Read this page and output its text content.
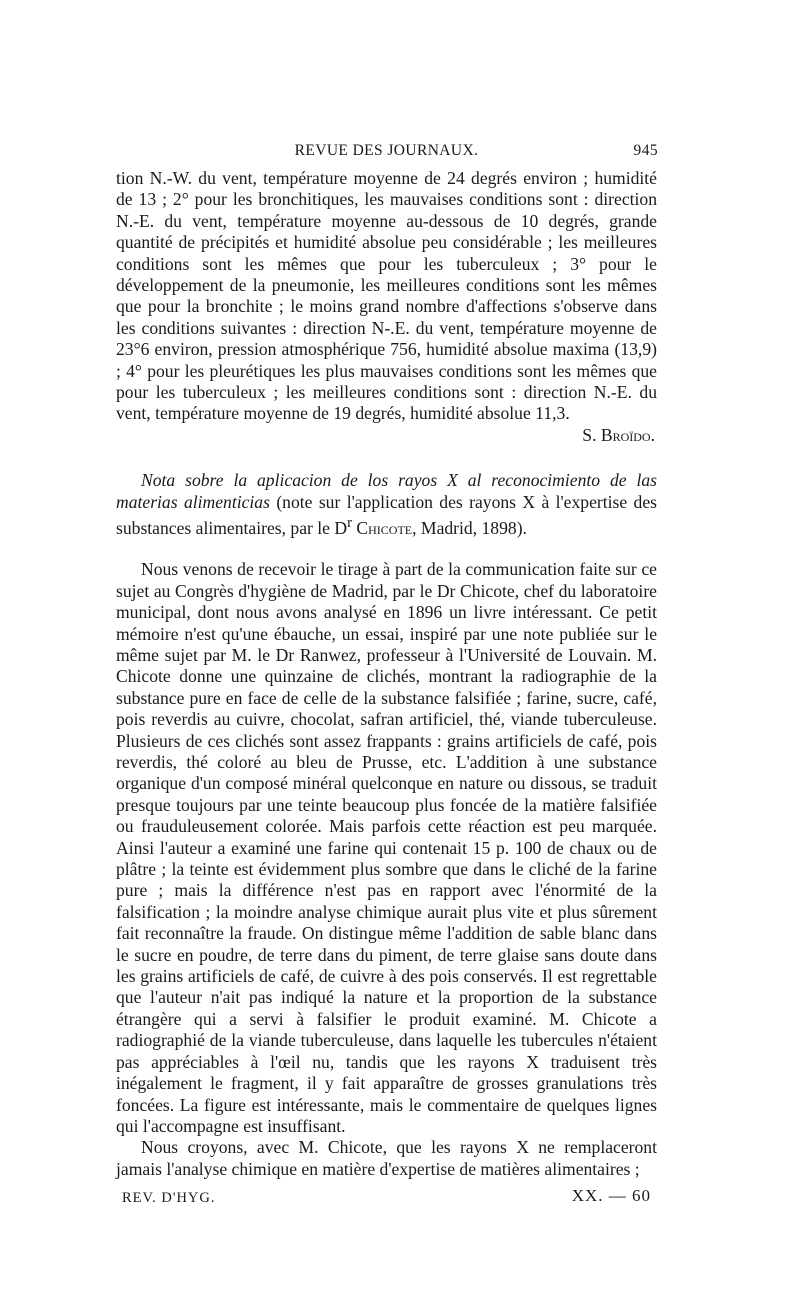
REVUE DES JOURNAUX.	945

tion N.-W. du vent, température moyenne de 24 degrés environ ; humidité de 13 ; 2° pour les bronchitiques, les mauvaises conditions sont : direction N.-E. du vent, température moyenne au-dessous de 10 degrés, grande quantité de précipités et humidité absolue peu considérable ; les meilleures conditions sont les mêmes que pour les tuberculeux ; 3° pour le développement de la pneumonie, les meilleures conditions sont les mêmes que pour la bronchite ; le moins grand nombre d'affections s'observe dans les conditions suivantes : direction N-.E. du vent, température moyenne de 23°6 environ, pression atmosphérique 756, humidité absolue maxima (13,9) ; 4° pour les pleurétiques les plus mauvaises conditions sont les mêmes que pour les tuberculeux ; les meilleures conditions sont : direction N.-E. du vent, température moyenne de 19 degrés, humidité absolue 11,3.

S. Broïdo.

Nota sobre la aplicacion de los rayos X al reconocimiento de las materias alimenticias (note sur l'application des rayons X à l'expertise des substances alimentaires, par le $D^r$ Chicote, Madrid, 1898).

Nous venons de recevoir le tirage à part de la communication faite sur ce sujet au Congrès d'hygiène de Madrid, par le Dr Chicote, chef du laboratoire municipal, dont nous avons analysé en 1896 un livre intéressant. Ce petit mémoire n'est qu'une ébauche, un essai, inspiré par une note publiée sur le même sujet par M. le Dr Ranwez, professeur à l'Université de Louvain. M. Chicote donne une quinzaine de clichés, montrant la radiographie de la substance pure en face de celle de la substance falsifiée ; farine, sucre, café, pois reverdis au cuivre, chocolat, safran artificiel, thé, viande tuberculeuse. Plusieurs de ces clichés sont assez frappants : grains artificiels de café, pois reverdis, thé coloré au bleu de Prusse, etc. L'addition à une substance organique d'un composé minéral quelconque en nature ou dissous, se traduit presque toujours par une teinte beaucoup plus foncée de la matière falsifiée ou frauduleusement colorée. Mais parfois cette réaction est peu marquée. Ainsi l'auteur a examiné une farine qui contenait 15 p. 100 de chaux ou de plâtre ; la teinte est évidemment plus sombre que dans le cliché de la farine pure ; mais la différence n'est pas en rapport avec l'énormité de la falsification ; la moindre analyse chimique aurait plus vite et plus sûrement fait reconnaître la fraude. On distingue même l'addition de sable blanc dans le sucre en poudre, de terre dans du piment, de terre glaise sans doute dans les grains artificiels de café, de cuivre à des pois conservés. Il est regrettable que l'auteur n'ait pas indiqué la nature et la proportion de la substance étrangère qui a servi à falsifier le produit examiné. M. Chicote a radiographié de la viande tuberculeuse, dans laquelle les tubercules n'étaient pas appréciables à l'œil nu, tandis que les rayons X traduisent très inégalement le fragment, il y fait apparaître de grosses granulations très foncées. La figure est intéressante, mais le commentaire de quelques lignes qui l'accompagne est insuffisant.

Nous croyons, avec M. Chicote, que les rayons X ne remplaceront jamais l'analyse chimique en matière d'expertise de matières alimentaires ;

REV. D'HYG.	XX. — 60
